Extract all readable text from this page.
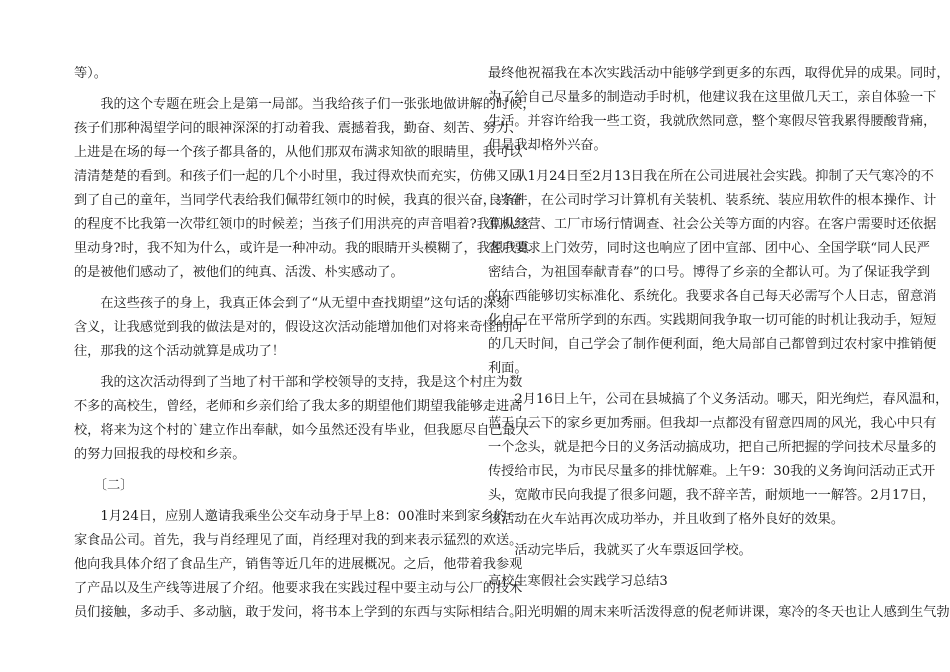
等）。
　　我的这个专题在班会上是第一局部。当我给孩子们一张张地做讲解的时候，
孩子们那种渴望学问的眼神深深的打动着我、震撼着我，勤奋、刻苦、努力、
上进是在场的每一个孩子都具备的，从他们那双布满求知欲的眼睛里，我可以
清清楚楚的看到。和孩子们一起的几个小时里，我过得欢快而充实，仿佛又回
到了自己的童年，当同学代表给我们佩带红领巾的时候，我真的很兴奋，兴奋
的程度不比我第一次带红领巾的时候差；当孩子们用洪亮的声音唱着?我们从这
里动身?时，我不知为什么，或许是一种冲动。我的眼睛开头模糊了，我想我真
的是被他们感动了，被他们的纯真、活泼、朴实感动了。
　　在这些孩子的身上，我真正体会到了“从无望中查找期望”这句话的深刻
含义，让我感觉到我的做法是对的，假设这次活动能增加他们对将来奇怪的向
往，那我的这个活动就算是成功了！
　　我的这次活动得到了当地了村干部和学校领导的支持，我是这个村庄为数
不多的高校生，曾经，老师和乡亲们给了我太多的期望他们期望我能够走进高
校，将来为这个村的`建立作出奉献，如今虽然还没有毕业，但我愿尽自己最大
的努力回报我的母校和乡亲。
　　〔二〕
　　1月24日，应别人邀请我乘坐公交车动身于早上8：00准时来到家乡的一
家食品公司。首先，我与肖经理见了面，肖经理对我的到来表示猛烈的欢送。
他向我具体介绍了食品生产，销售等近几年的进展概况。之后，他带着我参观
了产品以及生产线等进展了介绍。他要求我在实践过程中要主动与公厂的技术
员们接触，多动手、多动脑，敢于发问，将书本上学到的东西与实际相结合。
最终他祝福我在本次实践活动中能够学到更多的东西，取得优异的成果。同时，
为了给自己尽量多的制造动手时机，他建议我在这里做几天工，亲自体验一下
生活。并容许给我一些工资，我就欣然同意，整个寒假尽管我累得腰酸背痛，
但是我却格外兴奋。
　　从1月24日至2月13日我在所在公司进展社会实践。抑制了天气寒冷的不
良条件，在公司时学习计算机有关装机、装系统、装应用软件的根本操作、计
算机经营、工厂市场行情调查、社会公关等方面的内容。在客户需要时还依据
客户要求上门效劳，同时这也响应了团中宣部、团中心、全国学联“同人民严
密结合，为祖国奉献青春”的口号。博得了乡亲的全都认可。为了保证我学到
的东西能够切实标准化、系统化。我要求各自己每天必需写个人日志，留意消
化自己在平常所学到的东西。实践期间我争取一切可能的时机让我动手，短短
的几天时间，自己学会了制作便利面，绝大局部自己都曾到过农村家中推销便
利面。
　　2月16日上午，公司在县城搞了个义务活动。哪天，阳光绚烂，春风温和，
蓝天白云下的家乡更加秀丽。但我却一点都没有留意四周的风光，我心中只有
一个念头，就是把今日的义务活动搞成功，把自己所把握的学问技术尽量多的
传授给市民，为市民尽量多的排忧解难。上午9：30我的义务询问活动正式开
头，宽敞市民向我提了很多问题，我不辞辛苦，耐烦地一一解答。2月17日，
该活动在火车站再次成功举办，并且收到了格外良好的效果。
　　活动完毕后，我就买了火车票返回学校。
高校生寒假社会实践学习总结3
　　阳光明媚的周末来听活泼得意的倪老师讲课，寒冷的冬天也让人感到生气勃
